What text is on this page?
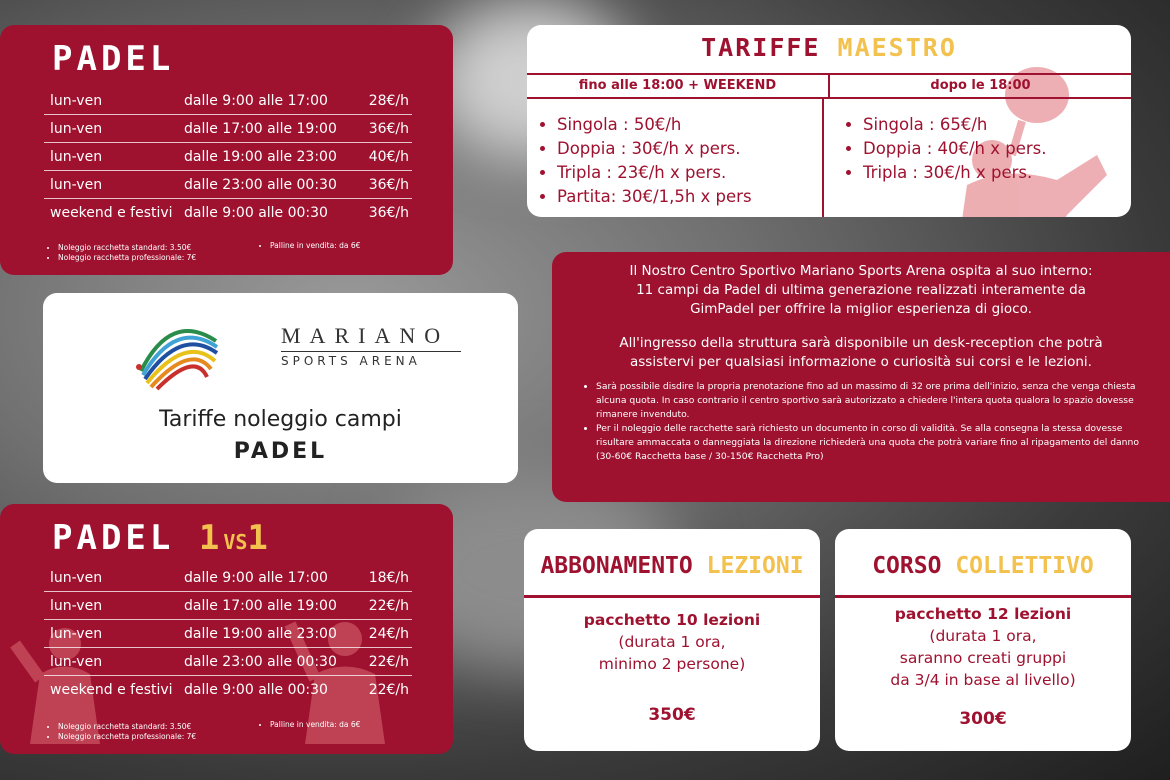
PADEL
lun-ven	dalle 9:00 alle 17:00	28€/h
lun-ven	dalle 17:00 alle 19:00	36€/h
lun-ven	dalle 19:00 alle 23:00	40€/h
lun-ven	dalle 23:00 alle 00:30	36€/h
weekend e festivi dalle 9:00 alle 00:30	36€/h
• Noleggio racchetta standard: 3.50€
• Noleggio racchetta professionale: 7€
• Palline in vendita: da 6€
MARIANO
SPORTS ARENA
Tariffe noleggio campi
PADEL
PADEL 1VS1
lun-ven	dalle 9:00 alle 17:00	18€/h
lun-ven	dalle 17:00 alle 19:00	22€/h
lun-ven	dalle 19:00 alle 23:00	24€/h
lun-ven	dalle 23:00 alle 00:30	22€/h
weekend e festivi dalle 9:00 alle 00:30	22€/h
• Noleggio racchetta standard: 3.50€
• Noleggio racchetta professionale: 7€
• Palline in vendita: da 6€
TARIFFE MAESTRO
fino alle 18:00 + WEEKEND	dopo le 18:00
• Singola : 50€/h
• Doppia : 30€/h x pers.
• Tripla : 23€/h x pers.
• Partita: 30€/1,5h x pers
• Singola : 65€/h
• Doppia : 40€/h x pers.
• Tripla : 30€/h x pers.
Il Nostro Centro Sportivo Mariano Sports Arena ospita al suo interno:
11 campi da Padel di ultima generazione realizzati interamente da
GimPadel per offrire la miglior esperienza di gioco.
All'ingresso della struttura sarà disponibile un desk-reception che potrà
assistervi per qualsiasi informazione o curiosità sui corsi e le lezioni.
• Sarà possibile disdire la propria prenotazione fino ad un massimo di 32 ore prima dell'inizio, senza che venga chiesta alcuna quota. In caso contrario il centro sportivo sarà autorizzato a chiedere l'intera quota qualora lo spazio dovesse rimanere invenduto.
• Per il noleggio delle racchette sarà richiesto un documento in corso di validità. Se alla consegna la stessa dovesse risultare ammaccata o danneggiata la direzione richiederà una quota che potrà variare fino al ripagamento del danno
(30-60€ Racchetta base / 30-150€ Racchetta Pro)
ABBONAMENTO LEZIONI
pacchetto 10 lezioni
(durata 1 ora,
minimo 2 persone)
350€
CORSO COLLETTIVO
pacchetto 12 lezioni
(durata 1 ora,
saranno creati gruppi
da 3/4 in base al livello)
300€
